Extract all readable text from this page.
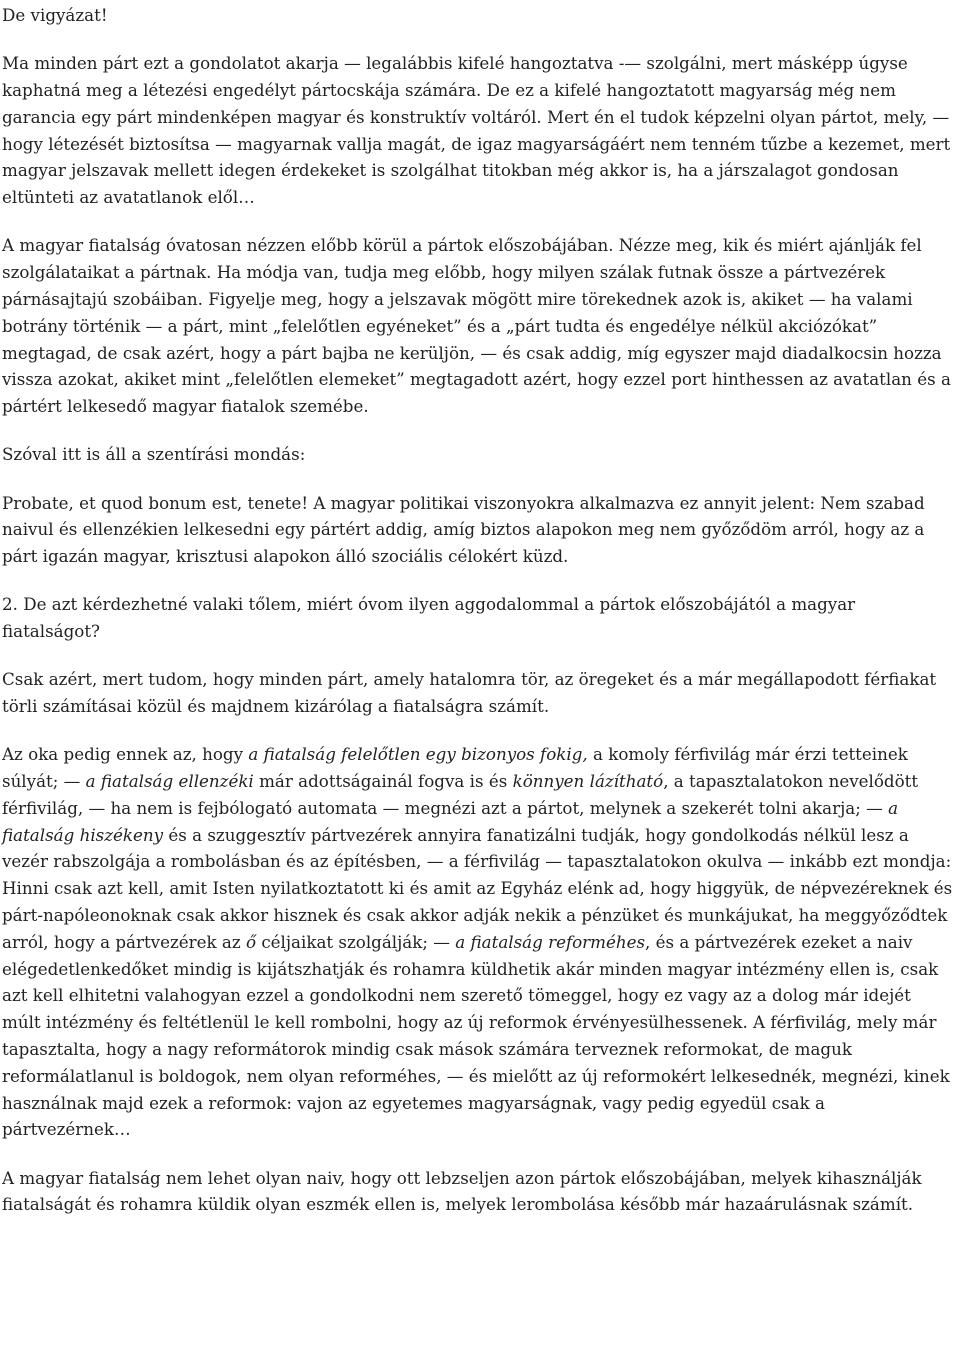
De vigyázat!

Ma minden párt ezt a gondolatot akarja — legalábbis kifelé hangoztatva -— szolgálni, mert másképp úgyse kaphatná meg a létezési engedélyt pártocskája számára. De ez a kifelé hangoztatott magyarság még nem garancia egy párt mindenképen magyar és konstruktív voltáról. Mert én el tudok képzelni olyan pártot, mely, — hogy létezését biztosítsa — magyarnak vallja magát, de igaz magyarságáért nem tenném tűzbe a kezemet, mert magyar jelszavak mellett idegen érdekeket is szolgálhat titokban még akkor is, ha a járszalagot gondosan eltünteti az avatatlanok elől…

A magyar fiatalság óvatosan nézzen előbb körül a pártok előszobájában. Nézze meg, kik és miért ajánlják fel szolgálataikat a pártnak. Ha módja van, tudja meg előbb, hogy milyen szálak futnak össze a pártvezérek párnásajtajú szobáiban. Figyelje meg, hogy a jelszavak mögött mire törekednek azok is, akiket — ha valami botrány történik — a párt, mint „felelőtlen egyéneket” és a „párt tudta és engedélye nélkül akciózókat” megtagad, de csak azért, hogy a párt bajba ne kerüljön, — és csak addig, míg egyszer majd diadalkocsin hozza vissza azokat, akiket mint „felelőtlen elemeket” megtagadott azért, hogy ezzel port hinthessen az avatatlan és a pártért lelkesedő magyar fiatalok szemébe.

Szóval itt is áll a szentírási mondás:

Probate, et quod bonum est, tenete! A magyar politikai viszonyokra alkalmazva ez annyit jelent: Nem szabad naivul és ellenzékien lelkesedni egy pártért addig, amíg biztos alapokon meg nem győződöm arról, hogy az a párt igazán magyar, krisztusi alapokon álló szociális célokért küzd.

2. De azt kérdezhetné valaki tőlem, miért óvom ilyen aggodalommal a pártok előszobájától a magyar fiatalságot?

Csak azért, mert tudom, hogy minden párt, amely hatalomra tör, az öregeket és a már megállapodott férfiakat törli számításai közül és majdnem kizárólag a fiatalságra számít.

Az oka pedig ennek az, hogy a fiatalság felelőtlen egy bizonyos fokig, a komoly férfivilág már érzi tetteinek súlyát; — a fiatalság ellenzéki már adottságainál fogva is és könnyen lázítható, a tapasztalatokon nevelődött férfivilág, — ha nem is fejbólogató automata — megnézi azt a pártot, melynek a szekerét tolni akarja; — a fiatalság hiszékeny és a szuggesztív pártvezérek annyira fanatizálni tudják, hogy gondolkodás nélkül lesz a vezér rabszolgája a rombolásban és az építésben, — a férfivilág — tapasztalatokon okulva — inkább ezt mondja: Hinni csak azt kell, amit Isten nyilatkoztatott ki és amit az Egyház elénk ad, hogy higgyük, de népvezéreknek és párt-napóleonoknak csak akkor hisznek és csak akkor adják nekik a pénzüket és munkájukat, ha meggyőződtek arról, hogy a pártvezérek az ő céljaikat szolgálják; — a fiatalság reforméhes, és a pártvezérek ezeket a naiv elégedetlenkedőket mindig is kijátszhatják és rohamra küldhetik akár minden magyar intézmény ellen is, csak azt kell elhitetni valahogyan ezzel a gondolkodni nem szerető tömeggel, hogy ez vagy az a dolog már idejét múlt intézmény és feltétlenül le kell rombolni, hogy az új reformok érvényesülhessenek. A férfivilág, mely már tapasztalta, hogy a nagy reformátorok mindig csak mások számára terveznek reformokat, de maguk reformálatlanul is boldogok, nem olyan reforméhes, — és mielőtt az új reformokért lelkesednék, megnézi, kinek használnak majd ezek a reformok: vajon az egyetemes magyarságnak, vagy pedig egyedül csak a pártvezérnek…

A magyar fiatalság nem lehet olyan naiv, hogy ott lebzseljen azon pártok előszobájában, melyek kihasználják fiatalságát és rohamra küldik olyan eszmék ellen is, melyek lerombolása később már hazaárulásnak számít.
